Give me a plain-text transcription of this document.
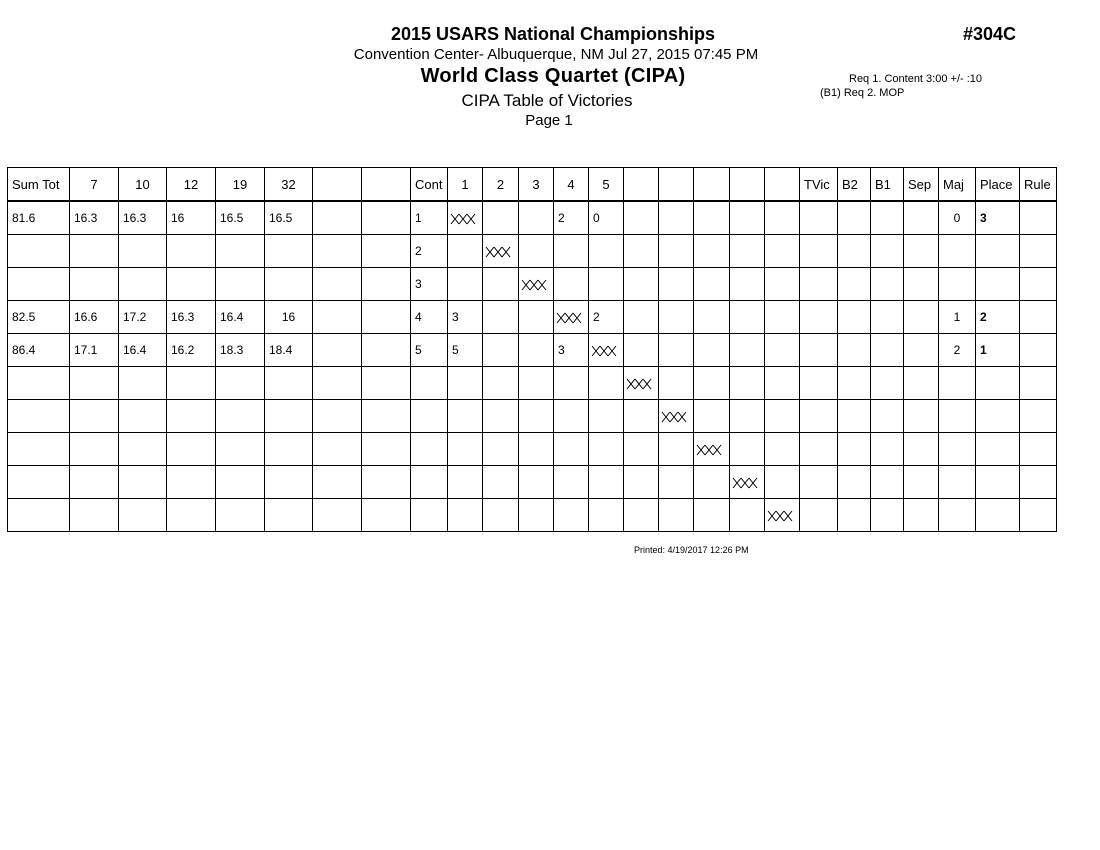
2015 USARS National Championships
Convention Center- Albuquerque, NM Jul 27, 2015 07:45 PM
World Class Quartet (CIPA)
CIPA Table of Victories
Page 1
#304C
Req 1. Content 3:00 +/- :10
(B1) Req 2. MOP
Sum Tot	7	10	12	19	32			Cont	1	2	3	4	5						TVic	B2	B1	Sep	Maj	Place	Rule
81.6	16.3	16.3	16	16.5	16.5			1				2	0										0	3	
								2		

								3			

82.5	16.6	17.2	16.3	16.4	16			4	3				2										1	2	
86.4	17.1	16.4	16.2	18.3	18.4			5	5			3											2	1	

Printed: 4/19/2017 12:26 PM
